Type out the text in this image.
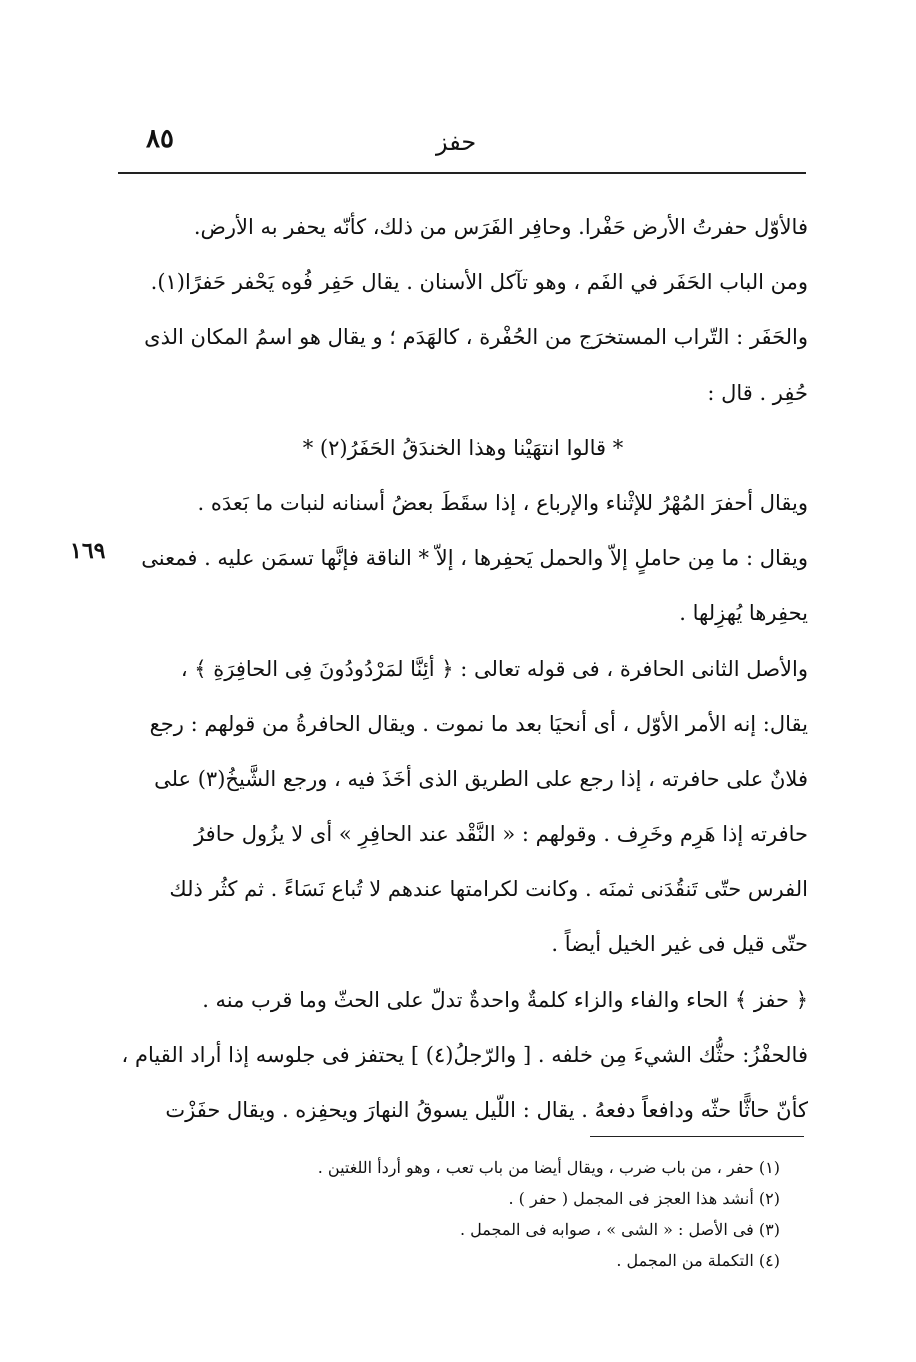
٨٥	حفز
١٦٩
فالأوّل حفرتُ الأرض حَفْرا. وحافِر الفَرَس من ذلك، كأنّه يحفر به الأرض.
ومن الباب الحَفَر في الفَم ، وهو تآكل الأسنان . يقال حَفِر فُوه يَحْفر حَفرًا(١).
والحَفَر : التّراب المستخرَج من الحُفْرة ، كالهَدَم ؛ و يقال هو اسمُ المكان الذى
حُفِر . قال :
* قالوا انتهَيْنا وهذا الخندَقُ الحَفَرُ(٢) *
ويقال أحفرَ المُهْرُ للإثْناء والإرباع ، إذا سقَطَ بعضُ أسنانه لنبات ما بَعدَه .
ويقال : ما مِن حاملٍ إلاّ والحمل يَحفِرها ، إلاّ * الناقة فإنَّها تسمَن عليه . فمعنى
يحفِرها يُهزِلها .
والأصل الثانى الحافرة ، فى قوله تعالى : ﴿ أئِنَّا لمَرْدُودُونَ فِى الحافِرَةِ ﴾ ،
يقال: إنه الأمر الأوّل ، أى أنحيَا بعد ما نموت . ويقال الحافرةُ من قولهم : رجع
فلانٌ على حافرته ، إذا رجع على الطريق الذى أخَذَ فيه ، ورجع الشَّيخُ(٣) على
حافرته إذا هَرِم وخَرِف . وقولهم : « النَّقْد عند الحافِرِ » أى لا يزُول حافرُ
الفرس حتّى تَنقُدَنى ثمنَه . وكانت لكرامتها عندهم لا تُباع نَسَاءً . ثم كثُر ذلك
حتّى قيل فى غير الخيل أيضاً .
﴿ حفز ﴾ الحاء والفاء والزاء كلمةٌ واحدةٌ تدلّ على الحثّ وما قرب منه .
فالحفْزُ: حثُّك الشيءَ مِن خلفه . [ والرّجلُ(٤) ] يحتفز فى جلوسه إذا أراد القيام ،
كأنّ حاثًّا حثّه ودافعاً دفعهُ . يقال : اللّيل يسوقُ النهارَ ويحفِزه . ويقال حفَزْت
(١) حفر ، من باب ضرب ، ويقال أيضا من باب تعب ، وهو أردأ اللغتين .
(٢) أنشد هذا العجز فى المجمل ( حفر ) .
(٣) فى الأصل : « الشى » ، صوابه فى المجمل .
(٤) التكملة من المجمل .
